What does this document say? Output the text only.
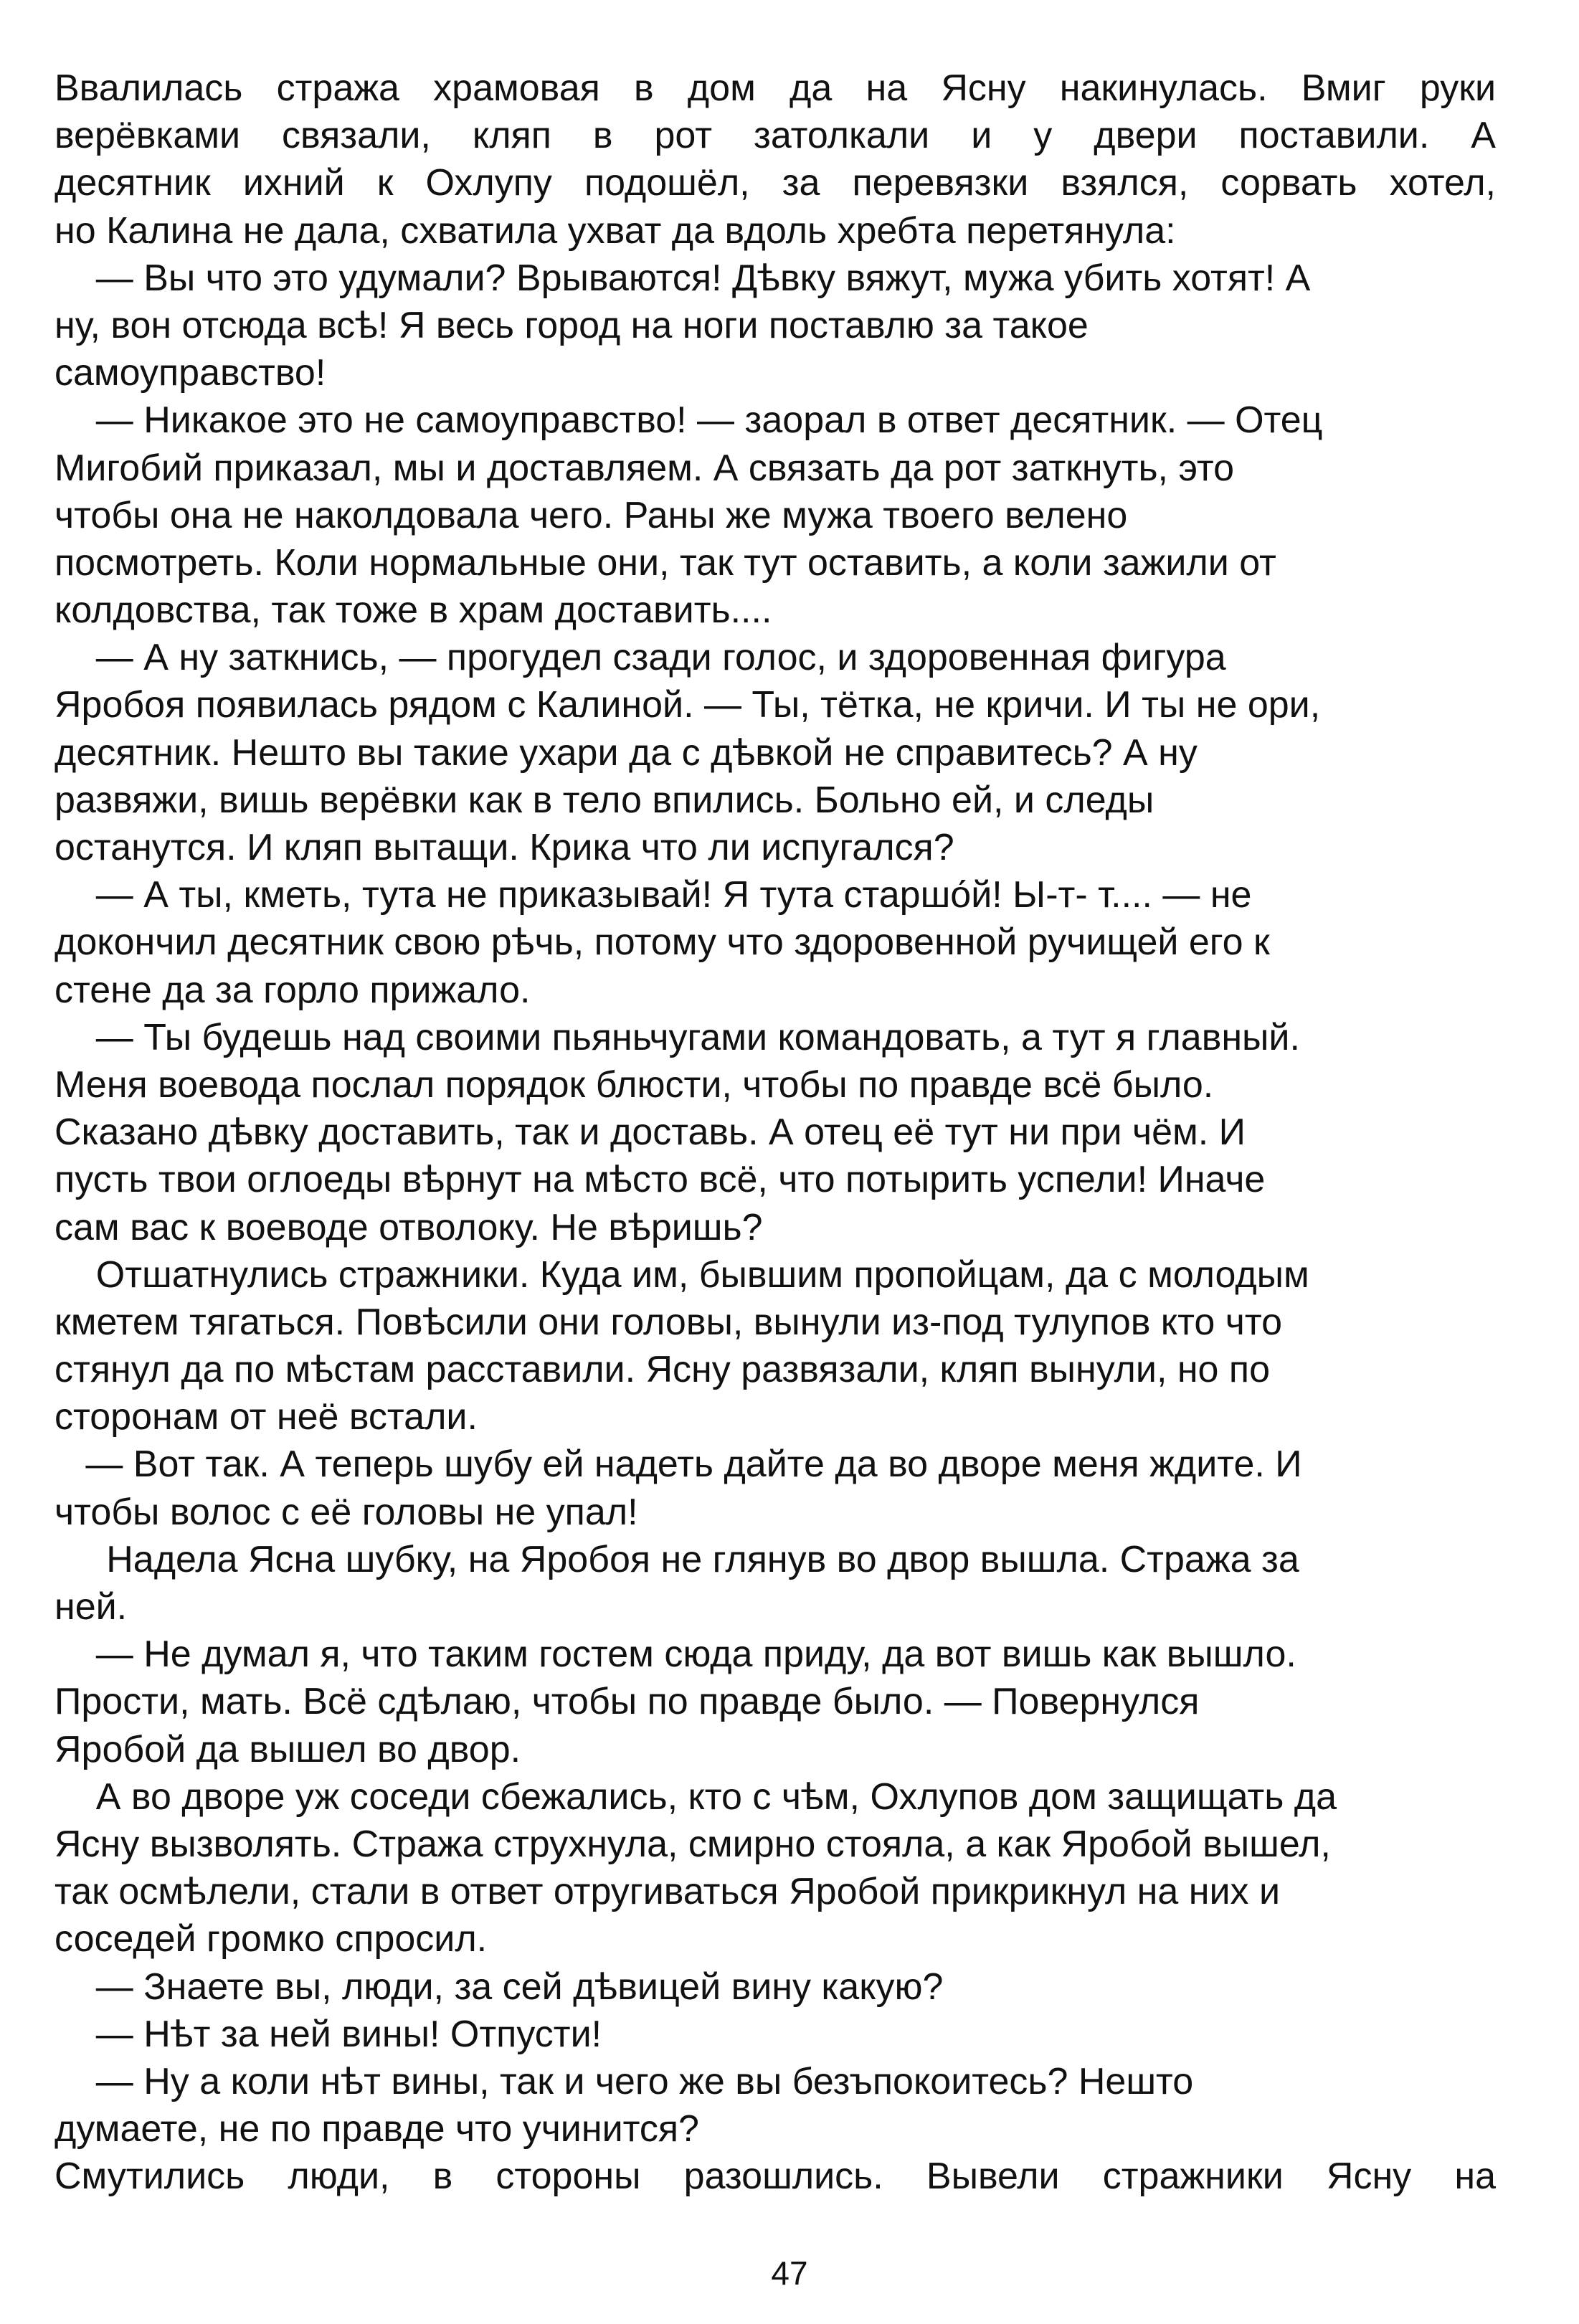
Ввалилась стража храмовая в дом да на Ясну накинулась. Вмиг руки
верёвками связали, кляп в рот затолкали и у двери поставили. А
десятник ихний к Охлупу подошёл, за перевязки взялся, сорвать хотел,
но Калина не дала, схватила ухват да вдоль хребта перетянула:
— Вы что это удумали? Врываются! Дѣвку вяжут, мужа убить хотят! А
ну, вон отсюда всѣ! Я весь город на ноги поставлю за такое
самоуправство!
— Никакое это не самоуправство! — заорал в ответ десятник. — Отец
Мигобий приказал, мы и доставляем. А связать да рот заткнуть, это
чтобы она не наколдовала чего. Раны же мужа твоего велено
посмотреть. Коли нормальные они, так тут оставить, а коли зажили от
колдовства, так тоже в храм доставить....
— А ну заткнись, — прогудел сзади голос, и здоровенная фигура
Яробоя появилась рядом с Калиной. — Ты, тётка, не кричи. И ты не ори,
десятник. Нешто вы такие ухари да с дѣвкой не справитесь? А ну
развяжи, вишь верёвки как в тело впились. Больно ей, и следы
останутся. И кляп вытащи. Крика что ли испугался?
— А ты, кметь, тута не приказывай! Я тута старшо́й! Ы-т- т.... — не
докончил десятник свою рѣчь, потому что здоровенной ручищей его к
стене да за горло прижало.
— Ты будешь над своими пьяньчугами командовать, а тут я главный.
Меня воевода послал порядок блюсти, чтобы по правде всё было.
Сказано дѣвку доставить, так и доставь. А отец её тут ни при чём. И
пусть твои оглоеды вѣрнут на мѣсто всё, что потырить успели! Иначе
сам вас к воеводе отволоку. Не вѣришь?
Отшатнулись стражники. Куда им, бывшим пропойцам, да с молодым
кметем тягаться. Повѣсили они головы, вынули из-под тулупов кто что
стянул да по мѣстам расставили. Ясну развязали, кляп вынули, но по
сторонам от неё встали.
— Вот так. А теперь шубу ей надеть дайте да во дворе меня ждите. И
чтобы волос с её головы не упал!
Надела Ясна шубку, на Яробоя не глянув во двор вышла. Стража за
ней.
— Не думал я, что таким гостем сюда приду, да вот вишь как вышло.
Прости, мать. Всё сдѣлаю, чтобы по правде было. — Повернулся
Яробой да вышел во двор.
А во дворе уж соседи сбежались, кто с чѣм, Охлупов дом защищать да
Ясну вызволять. Стража струхнула, смирно стояла, а как Яробой вышел,
так осмѣлели, стали в ответ отругиваться Яробой прикрикнул на них и
соседей громко спросил.
— Знаете вы, люди, за сей дѣвицей вину какую?
— Нѣт за ней вины! Отпусти!
— Ну а коли нѣт вины, так и чего же вы безъпокоитесь? Нешто
думаете, не по правде что учинится?
Смутились люди, в стороны разошлись. Вывели стражники Ясну на
47
